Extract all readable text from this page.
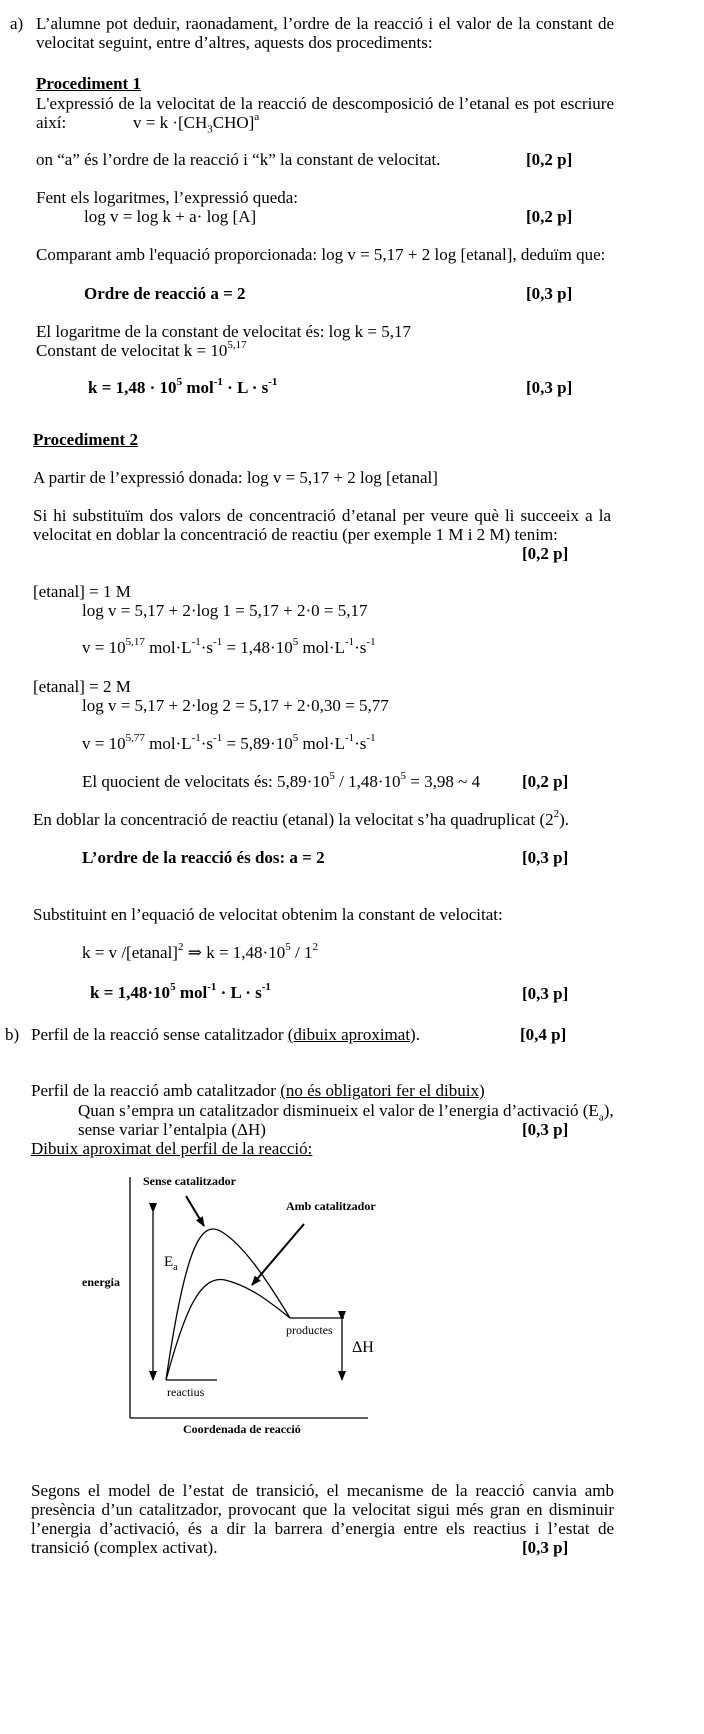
a) L’alumne pot deduir, raonadament, l’ordre de la reacció i el valor de la constant de velocitat seguint, entre d’altres, aquests dos procediments:
Procediment 1
L'expressió de la velocitat de la reacció de descomposició de l’etanal es pot escriure
així:	$v = k \cdot[CH_3CHO]^a$
on “a” és l’ordre de la reacció i “k” la constant de velocitat.	[0,2 p]
Fent els logaritmes, l’expressió queda:
log v = log k + a· log [A]	[0,2 p]
Comparant amb l'equació proporcionada: log v = 5,17 + 2 log [etanal], deduïm que:
Ordre de reacció a = 2	[0,3 p]
El logaritme de la constant de velocitat és: log k = 5,17
Constant de velocitat $k = 10^{5,17}$
$k = 1,48 \cdot 10^5$ $mol^{-1} \cdot L \cdot s^{-1}$	[0,3 p]
Procediment 2
A partir de l’expressió donada: log v = 5,17 + 2 log [etanal]
Si hi substituïm dos valors de concentració d’etanal per veure què li succeeix a la velocitat en doblar la concentració de reactiu (per exemple 1 M i 2 M) tenim:
[0,2 p]
[etanal] = 1 M
log v = 5,17 + 2·log 1 = 5,17 + 2·0 = 5,17
$v = 10^{5,17}$ $mol\cdot L^{-1}\cdot s^{-1} = 1,48\cdot 10^5$ $mol\cdot L^{-1}\cdot s^{-1}$
[etanal] = 2 M
log v = 5,17 + 2·log 2 = 5,17 + 2·0,30 = 5,77
$v = 10^{5,77}$ $mol\cdot L^{-1}\cdot s^{-1} = 5,89\cdot 10^5$ $mol\cdot L^{-1}\cdot s^{-1}$
El quocient de velocitats és: $5,89\cdot 10^5 / 1,48\cdot 10^5 = 3,98$ ~ 4 [0,2 p]
En doblar la concentració de reactiu (etanal) la velocitat s’ha quadruplicat $(2^2)$.
L’ordre de la reacció és dos: a = 2	[0,3 p]
Substituint en l’equació de velocitat obtenim la constant de velocitat:
k = v /[etanal]$^2$ ⇒ $k = 1,48\cdot 10^5 / 1^2$
$k = 1,48\cdot 10^5$ $mol^{-1} \cdot L \cdot s^{-1}$	[0,3 p]
b) Perfil de la reacció sense catalitzador (dibuix aproximat).	[0,4 p]
Perfil de la reacció amb catalitzador (no és obligatori fer el dibuix)
Quan s’empra un catalitzador disminueix el valor de l’energia d’activació $(E_a)$,
sense variar l’entalpia (ΔH)	[0,3 p]
Dibuix aproximat del perfil de la reacció:
Sense catalitzador
Amb catalitzador
$E_a$
energia
productes
ΔH
reactius
Coordenada de reacció
Segons el model de l’estat de transició, el mecanisme de la reacció canvia amb presència d’un catalitzador, provocant que la velocitat sigui més gran en disminuir l’energia d’activació, és a dir la barrera d’energia entre els reactius i l’estat de transició (complex activat).	[0,3 p]
